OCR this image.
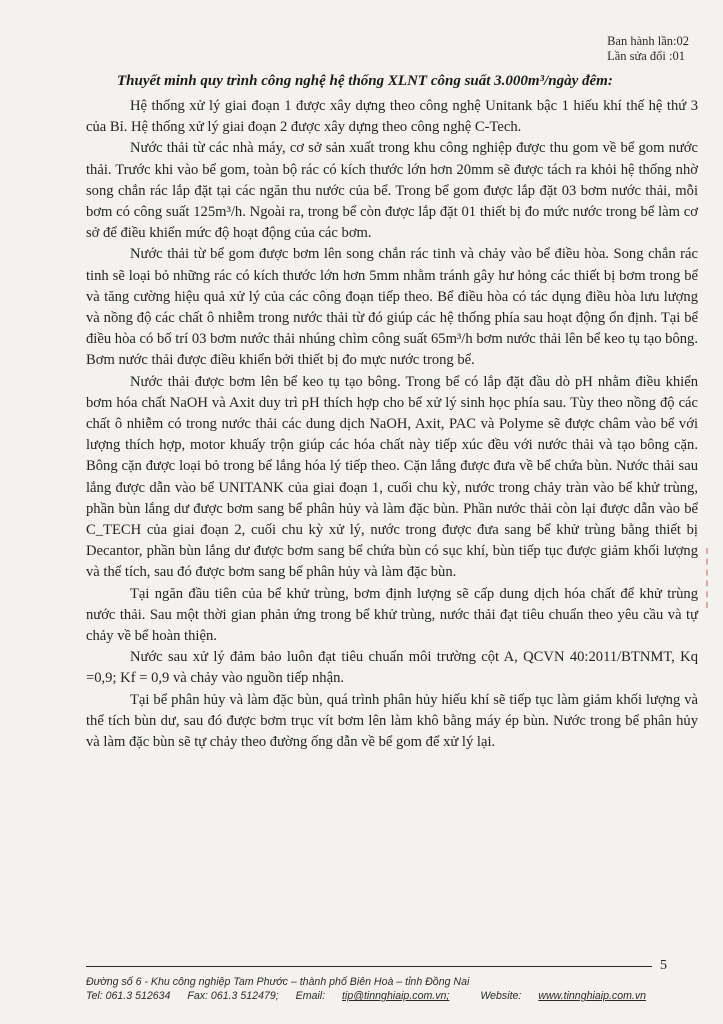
Ban hành lần:02
Lần sửa đổi :01
Thuyết minh quy trình công nghệ hệ thống XLNT công suất 3.000m³/ngày đêm:

Hệ thống xử lý giai đoạn 1 được xây dựng theo công nghệ Unitank bậc 1 hiếu khí thế hệ thứ 3 của Bỉ. Hệ thống xử lý giai đoạn 2 được xây dựng theo công nghệ C-Tech.

Nước thải từ các nhà máy, cơ sở sản xuất trong khu công nghiệp được thu gom về bể gom nước thải. Trước khi vào bể gom, toàn bộ rác có kích thước lớn hơn 20mm sẽ được tách ra khỏi hệ thống nhờ song chắn rác lắp đặt tại các ngăn thu nước của bể. Trong bể gom được lắp đặt 03 bơm nước thải, mỗi bơm có công suất 125m³/h. Ngoài ra, trong bể còn được lắp đặt 01 thiết bị đo mức nước trong bể làm cơ sở để điều khiển mức độ hoạt động của các bơm.

Nước thải từ bể gom được bơm lên song chắn rác tinh và chảy vào bể điều hòa. Song chắn rác tinh sẽ loại bỏ những rác có kích thước lớn hơn 5mm nhằm tránh gây hư hỏng các thiết bị bơm trong bể và tăng cường hiệu quả xử lý của các công đoạn tiếp theo. Bể điều hòa có tác dụng điều hòa lưu lượng và nồng độ các chất ô nhiễm trong nước thải từ đó giúp các hệ thống phía sau hoạt động ổn định. Tại bể điều hòa có bố trí 03 bơm nước thải nhúng chìm công suất 65m³/h bơm nước thải lên bể keo tụ tạo bông. Bơm nước thải được điều khiển bởi thiết bị đo mực nước trong bể.

Nước thải được bơm lên bể keo tụ tạo bông. Trong bể có lắp đặt đầu dò pH nhằm điều khiển bơm hóa chất NaOH và Axit duy trì pH thích hợp cho bể xử lý sinh học phía sau. Tùy theo nồng độ các chất ô nhiễm có trong nước thải các dung dịch NaOH, Axit, PAC và Polyme sẽ được châm vào bể với lượng thích hợp, motor khuấy trộn giúp các hóa chất này tiếp xúc đều với nước thải và tạo bông cặn. Bông cặn được loại bỏ trong bể lắng hóa lý tiếp theo. Cặn lắng được đưa về bể chứa bùn. Nước thải sau lắng được dẫn vào bể UNITANK của giai đoạn 1, cuối chu kỳ, nước trong chảy tràn vào bể khử trùng, phần bùn lắng dư được bơm sang bể phân hủy và làm đặc bùn. Phần nước thải còn lại được dẫn vào bể C_TECH của giai đoạn 2, cuối chu kỳ xử lý, nước trong được đưa sang bể khử trùng bằng thiết bị Decantor, phần bùn lắng dư được bơm sang bể chứa bùn có sục khí, bùn tiếp tục được giảm khối lượng và thể tích, sau đó được bơm sang bể phân hủy và làm đặc bùn.

Tại ngăn đầu tiên của bể khử trùng, bơm định lượng sẽ cấp dung dịch hóa chất để khử trùng nước thải. Sau một thời gian phản ứng trong bể khử trùng, nước thải đạt tiêu chuẩn theo yêu cầu và tự chảy về bể hoàn thiện.

Nước sau xử lý đảm bảo luôn đạt tiêu chuẩn môi trường cột A, QCVN 40:2011/BTNMT, Kq =0,9; Kf = 0,9 và chảy vào nguồn tiếp nhận.

Tại bể phân hủy và làm đặc bùn, quá trình phân hủy hiếu khí sẽ tiếp tục làm giảm khối lượng và thể tích bùn dư, sau đó được bơm trục vít bơm lên làm khô bằng máy ép bùn. Nước trong bể phân hủy và làm đặc bùn sẽ tự chảy theo đường ống dẫn về bể gom để xử lý lại.

5
Đường số 6 - Khu công nghiệp Tam Phước – thành phố Biên Hoà – tỉnh Đồng Nai
Tel: 061.3 512634 Fax: 061.3 512479; Email: tip@tinnghiaip.com.vn;	Website: www.tinnghiaip.com.vn
